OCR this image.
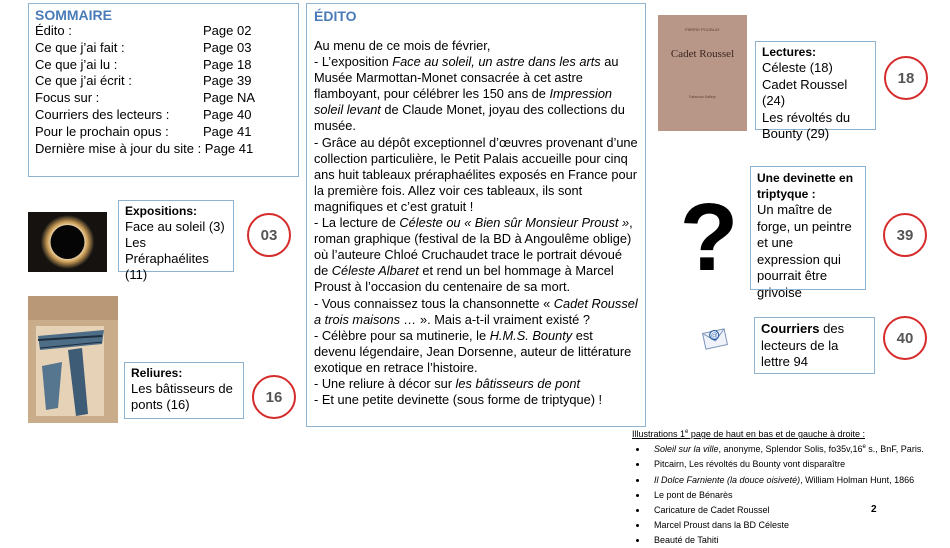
SOMMAIRE
Édito :	Page 02
Ce que j’ai fait :	Page 03
Ce que j’ai lu :	Page 18
Ce que j’ai écrit :	Page 39
Focus sur :	Page NA
Courriers des lecteurs :	Page 40
Pour le prochain opus :	Page 41
Dernière mise à jour du site : Page 41
ÉDITO

Au menu de ce mois de février,

- L’exposition Face au soleil, un astre dans les arts au Musée Marmottan-Monet consacrée à cet astre flamboyant, pour célébrer les 150 ans de Impression soleil levant de Claude Monet, joyau des collections du musée.

- Grâce au dépôt exceptionnel d’œuvres provenant d’une collection particulière, le Petit Palais accueille pour cinq ans huit tableaux préraphaélites exposés en France pour la première fois. Allez voir ces tableaux, ils sont magnifiques et c’est gratuit !

- La lecture de Céleste ou « Bien sûr Monsieur Proust », roman graphique (festival de la BD à Angoulême oblige) où l’auteure Chloé Cruchaudet trace le portrait dévoué de Céleste Albaret et rend un bel hommage à Marcel Proust à l’occasion du centenaire de sa mort.

- Vous connaissez tous la chansonnette « Cadet Roussel a trois maisons … ». Mais a-t-il vraiment existé ?

- Célèbre pour sa mutinerie, le H.M.S. Bounty est devenu légendaire, Jean Dorsenne, auteur de littérature exotique en retrace l’histoire.

- Une reliure à décor sur les bâtisseurs de pont

- Et une petite devinette (sous forme de triptyque) !

Expositions:
Face au soleil (3)
Les Préraphaélites (11)
03
Reliures:
Les bâtisseurs de ponts (16)	16
PIERRE POLIBLAY
Cadet Roussel
Fabulous Gallery
Lectures:
Céleste (18)
Cadet Roussel (24)
Les révoltés du Bounty (29)
18
?
Une devinette en triptyque :
Un maître de forge, un peintre et une expression qui pourrait être grivoise
39
@
Courriers des lecteurs de la lettre 94
40
Illustrations 1e page de haut en bas et de gauche à droite :
• Soleil sur la ville, anonyme, Splendor Solis, fo35v,16e s., BnF, Paris.
• Pitcairn, Les révoltés du Bounty vont disparaître
• Il Dolce Farniente (la douce oisiveté), William Holman Hunt, 1866
• Le pont de Bénarès
• Caricature de Cadet Roussel
• Marcel Proust dans la BD Céleste
• Beauté de Tahiti
2
